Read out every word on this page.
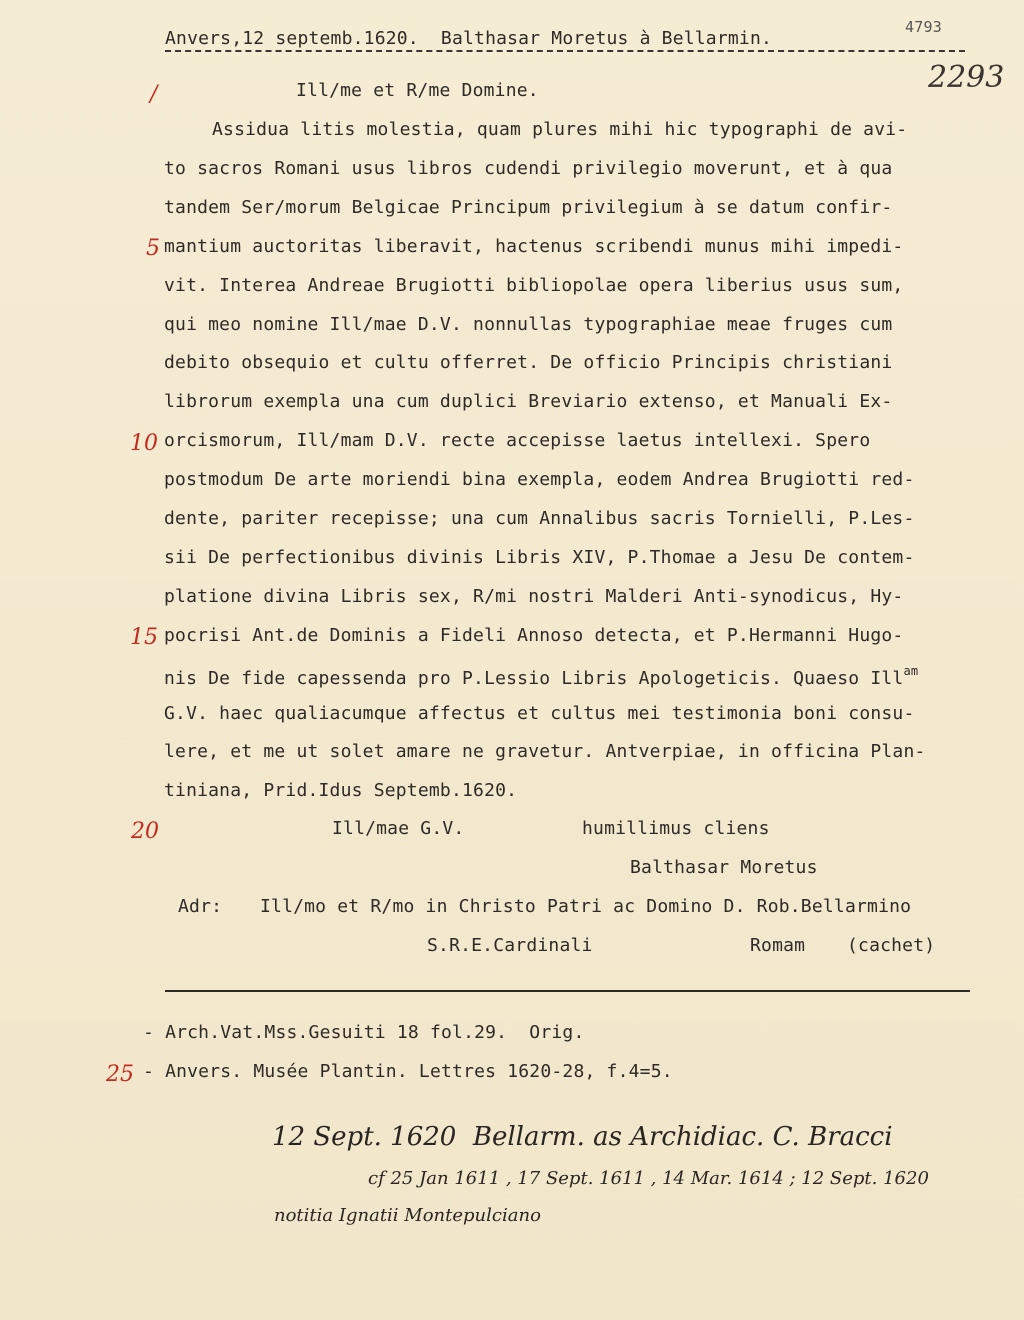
Anvers,12 septemb.1620.  Balthasar Moretus à Bellarmin.
4793
2293
Ill/me et R/me Domine.
Assidua litis molestia, quam plures mihi hic typographi de avi-
to sacros Romani usus libros cudendi privilegio moverunt, et à qua
tandem Ser/morum Belgicae Principum privilegium à se datum confir-
mantium auctoritas liberavit, hactenus scribendi munus mihi impedi-
vit. Interea Andreae Brugiotti bibliopolae opera liberius usus sum,
qui meo nomine Ill/mae D.V. nonnullas typographiae meae fruges cum
debito obsequio et cultu offerret. De officio Principis christiani
librorum exempla una cum duplici Breviario extenso, et Manuali Ex-
orcismorum, Ill/mam D.V. recte accepisse laetus intellexi. Spero
postmodum De arte moriendi bina exempla, eodem Andrea Brugiotti red-
dente, pariter recepisse; una cum Annalibus sacris Tornielli, P.Les-
sii De perfectionibus divinis Libris XIV, P.Thomae a Jesu De contem-
platione divina Libris sex, R/mi nostri Malderi Anti-synodicus, Hy-
pocrisi Ant.de Dominis a Fideli Annoso detecta, et P.Hermanni Hugo-
nis De fide capessenda pro P.Lessio Libris Apologeticis. Quaeso Ill$^{am}$
G.V. haec qualiacumque affectus et cultus mei testimonia boni consu-
lere, et me ut solet amare ne gravetur. Antverpiae, in officina Plan-
tiniana, Prid.Idus Septemb.1620.
Ill/mae G.V.	humillimus cliens
Balthasar Moretus
Adr: Ill/mo et R/mo in Christo Patri ac Domino D. Rob.Bellarmino
S.R.E.Cardinali	Romam (cachet)
- Arch.Vat.Mss.Gesuiti 18 fol.29.  Orig.
- Anvers. Musée Plantin. Lettres 1620-28, f.4=5.
/
5
10
15
20
25
12 Sept. 1620  Bellarm. as Archidiac. C. Bracci
cf 25 Jan 1611 , 17 Sept. 1611 , 14 Mar. 1614 ; 12 Sept. 1620
notitia Ignatii Montepulciano
